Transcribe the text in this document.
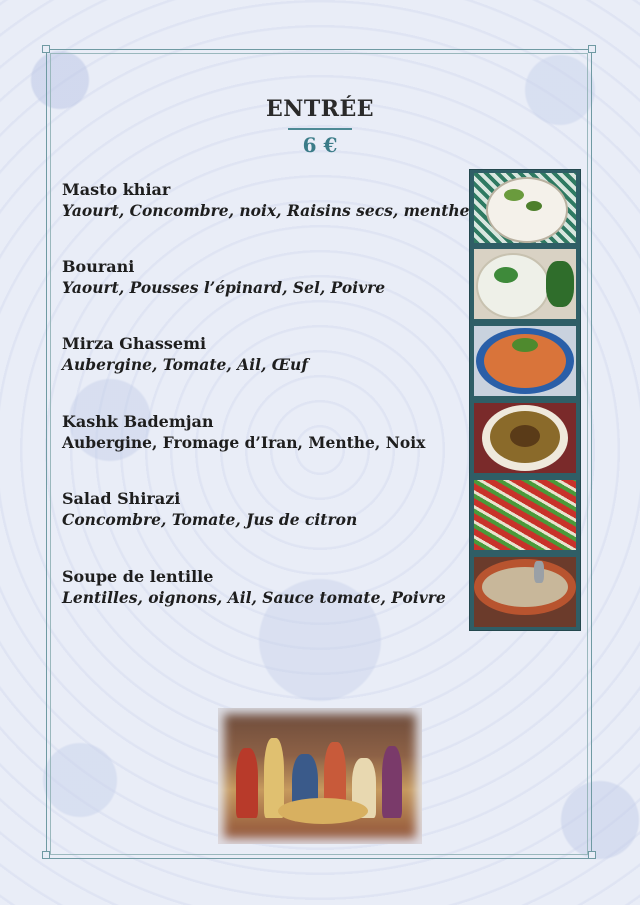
ENTRÉE
6 €
Masto khiar
Yaourt, Concombre, noix, Raisins secs, menthe
Bourani
Yaourt, Pousses l’épinard, Sel, Poivre
Mirza Ghassemi
Aubergine, Tomate, Ail, Œuf
Kashk Bademjan
Aubergine, Fromage d’Iran, Menthe, Noix
Salad Shirazi
Concombre, Tomate, Jus de citron
Soupe de lentille
Lentilles, oignons, Ail, Sauce tomate, Poivre
